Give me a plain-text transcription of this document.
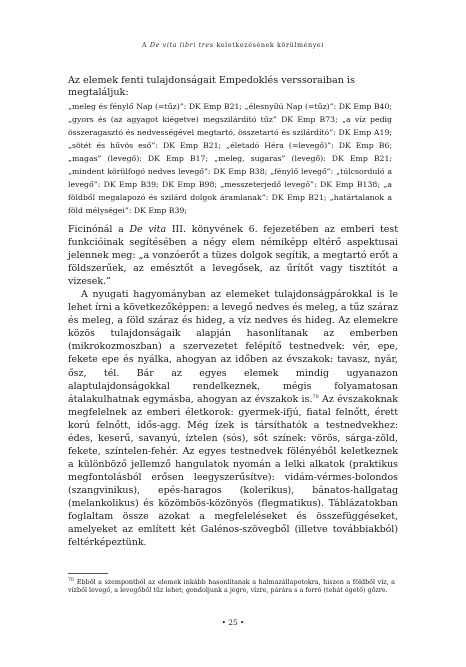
A De vita libri tres keletkezésének körülményei
Az elemek fenti tulajdonságait Empedoklés verssoraiban is megtaláljuk:
„meleg és fénylő Nap (=tűz)”: DK Emp B21; „élesnyílú Nap (=tűz)”: DK Emp B40; „gyors és (az agyagot kiégetve) megszilárdító tűz” DK Emp B73; „a víz pedig összeragasztó és nedvességével megtartó, összetartó és szilárdító”: DK Emp A19; „sötét és hűvös eső”: DK Emp B21; „életadó Héra (=levegő)”: DK Emp B6; „magas” (levegő): DK Emp B17; „meleg, sugaras” (levegő): DK Emp B21; „mindent körülfogó nedves levegő”: DK Emp B38; „fénylő levegő”: „túlcsorduló a levegő”: DK Emp B39; DK Emp B98; „messzeterjedő levegő”: DK Emp B138; „a földből megalapozó és szilárd dolgok áramlanak”: DK Emp B21; „határtalanok a föld mélységei”: DK Emp B39;

Ficinónál a De vita III. könyvének 6. fejezetében az emberi test funkcióinak segítésében a négy elem némiképp eltérő aspektusai jelennek meg: „a vonzóerőt a tüzes dolgok segítik, a megtartó erőt a földszerűek, az emésztőt a levegősek, az űrítőt vagy tisztítót a vizesek.”

A nyugati hagyományban az elemeket tulajdonságpárokkal is le lehet írni a következőképpen: a levegő nedves és meleg, a tűz száraz és meleg, a föld száraz és hideg, a víz nedves és hideg. Az elemekre közös tulajdonságaik alapján hasonlítanak az emberben (mikrokozmoszban) a szervezetet felépítő testnedvek: vér, epe, fekete epe és nyálka, ahogyan az időben az évszakok: tavasz, nyár, ősz, tél. Bár az egyes elemek mindig ugyanazon alaptulajdonságokkal rendelkeznek, mégis folyamatosan átalakulhatnak egymásba, ahogyan az évszakok is.$^{70}$ Az évszakoknak megfelelnek az emberi életkorok: gyermek-ifjú, fiatal felnőtt, érett korú felnőtt, idős-agg. Még ízek is társíthatók a testnedvekhez: édes, keserű, savanyú, íztelen (sós), sőt színek: vörös, sárga-zöld, fekete, színtelen-fehér. Az egyes testnedvek fölényéből keletkeznek a különböző jellemző hangulatok nyomán a lelki alkatok (praktikus megfontolásból erősen leegyszerűsítve): vidám-vérmes-bolondos (szangvinikus), epés-haragos (kolerikus), bánatos-hallgatag (melankolikus) és közömbös-közönyös (flegmatikus). Táblázatokban foglaltam össze azokat a megfeleléseket és összefüggéseket, amelyeket az említett két Galénos-szövegből (illetve továbbiakból) feltérképeztünk.

$^{70}$ Ebből a szempontból az elemek inkább hasonlítanak a halmazállapotokra, hiszen a földből víz, a vízből levegő, a levegőből tűz lehet; gondoljunk a jégre, vízre, párára s a forró (tehát égető) gőzre.
• 25 •
